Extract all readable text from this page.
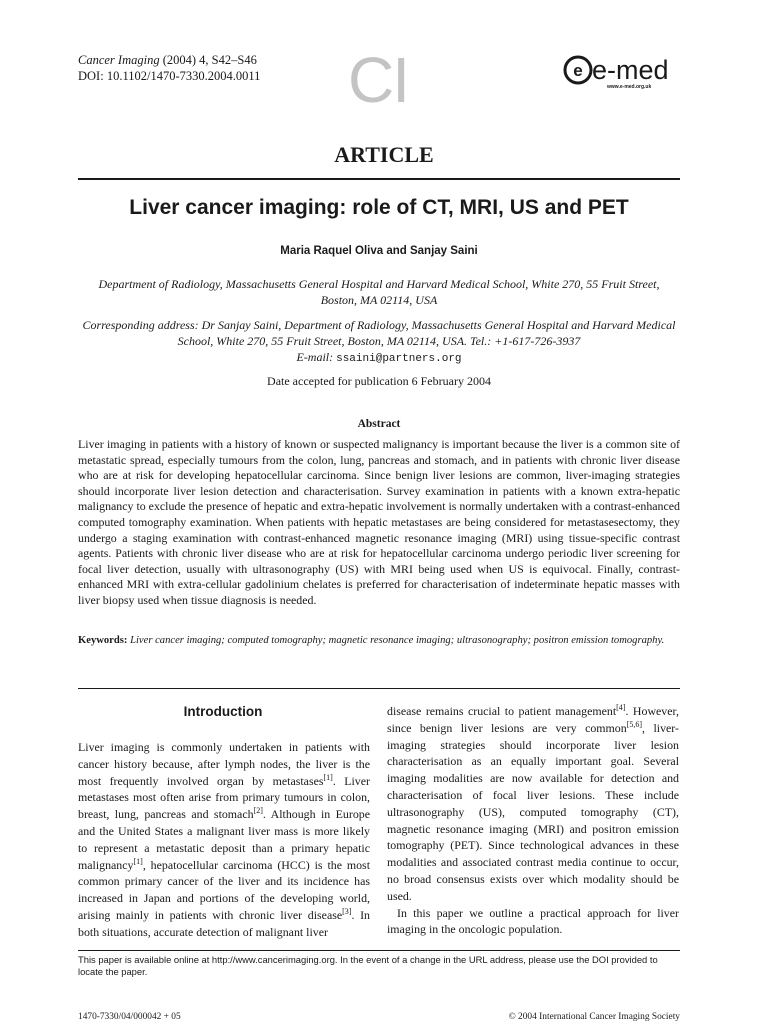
Cancer Imaging (2004) 4, S42–S46
DOI: 10.1102/1470-7330.2004.0011 CI	e e-med
www.e-med.org.uk
ARTICLE
Liver cancer imaging: role of CT, MRI, US and PET
Maria Raquel Oliva and Sanjay Saini
Department of Radiology, Massachusetts General Hospital and Harvard Medical School, White 270, 55 Fruit Street, Boston, MA 02114, USA
Corresponding address: Dr Sanjay Saini, Department of Radiology, Massachusetts General Hospital and Harvard Medical School, White 270, 55 Fruit Street, Boston, MA 02114, USA. Tel.: +1-617-726-3937
E-mail: ssaini@partners.org
Date accepted for publication 6 February 2004
Abstract
Liver imaging in patients with a history of known or suspected malignancy is important because the liver is a common site of metastatic spread, especially tumours from the colon, lung, pancreas and stomach, and in patients with chronic liver disease who are at risk for developing hepatocellular carcinoma. Since benign liver lesions are common, liver-imaging strategies should incorporate liver lesion detection and characterisation. Survey examination in patients with a known extra-hepatic malignancy to exclude the presence of hepatic and extra-hepatic involvement is normally undertaken with a contrast-enhanced computed tomography examination. When patients with hepatic metastases are being considered for metastasesectomy, they undergo a staging examination with contrast-enhanced magnetic resonance imaging (MRI) using tissue-specific contrast agents. Patients with chronic liver disease who are at risk for hepatocellular carcinoma undergo periodic liver screening for focal liver detection, usually with ultrasonography (US) with MRI being used when US is equivocal. Finally, contrast-enhanced MRI with extra-cellular gadolinium chelates is preferred for characterisation of indeterminate hepatic masses with liver biopsy used when tissue diagnosis is needed.
Keywords: Liver cancer imaging; computed tomography; magnetic resonance imaging; ultrasonography; positron emission tomography.
Introduction

Liver imaging is commonly undertaken in patients with cancer history because, after lymph nodes, the liver is the most frequently involved organ by metastases[1]. Liver metastases most often arise from primary tumours in colon, breast, lung, pancreas and stomach[2]. Although in Europe and the United States a malignant liver mass is more likely to represent a metastatic deposit than a primary hepatic malignancy[1], hepatocellular carcinoma (HCC) is the most common primary cancer of the liver and its incidence has increased in Japan and portions of the developing world, arising mainly in patients with chronic liver disease[3]. In both situations, accurate detection of malignant liver

disease remains crucial to patient management[4]. However, since benign liver lesions are very common[5,6], liver-imaging strategies should incorporate liver lesion characterisation as an equally important goal. Several imaging modalities are now available for detection and characterisation of focal liver lesions. These include ultrasonography (US), computed tomography (CT), magnetic resonance imaging (MRI) and positron emission tomography (PET). Since technological advances in these modalities and associated contrast media continue to occur, no broad consensus exists over which modality should be used.

In this paper we outline a practical approach for liver imaging in the oncologic population.

This paper is available online at http://www.cancerimaging.org. In the event of a change in the URL address, please use the DOI provided to locate the paper.
1470-7330/04/000042 + 05	© 2004 International Cancer Imaging Society
